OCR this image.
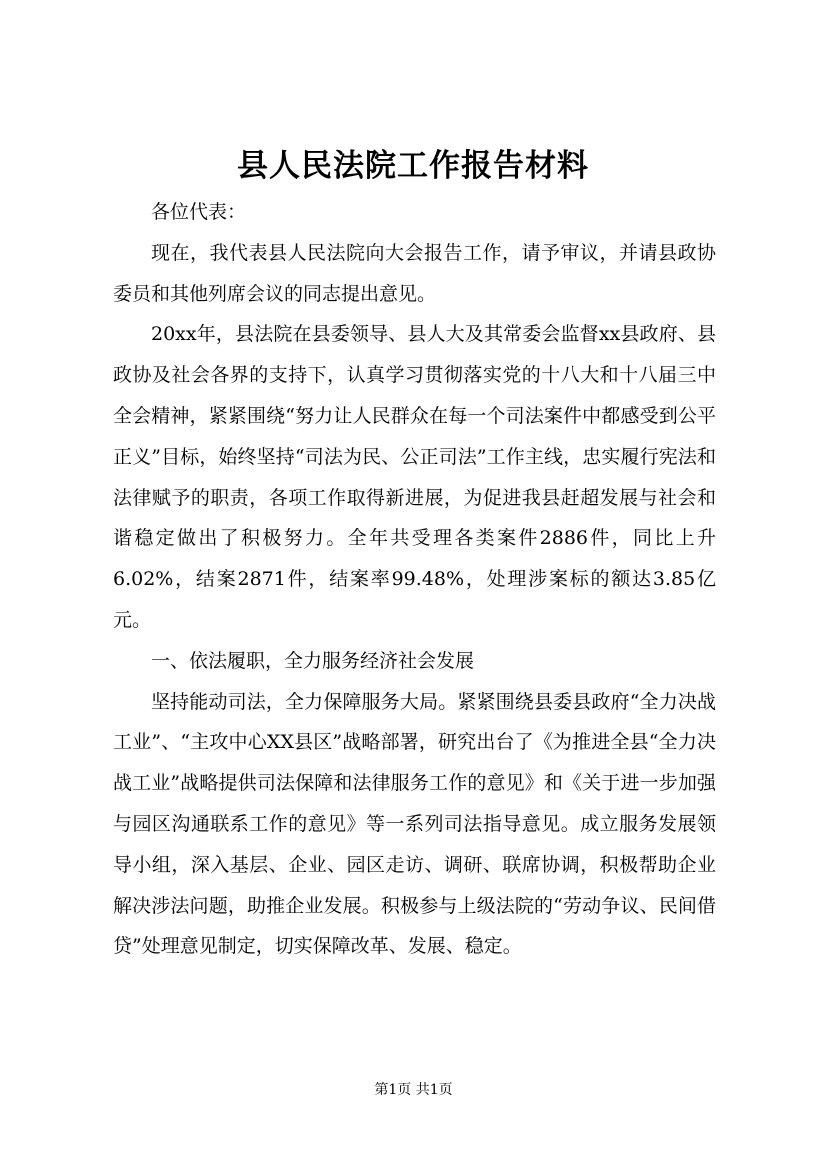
县人民法院工作报告材料

各位代表：

现在，我代表县人民法院向大会报告工作，请予审议，并请县政协委员和其他列席会议的同志提出意见。

20xx年，县法院在县委领导、县人大及其常委会监督xx县政府、县政协及社会各界的支持下，认真学习贯彻落实党的十八大和十八届三中全会精神，紧紧围绕“努力让人民群众在每一个司法案件中都感受到公平正义”目标，始终坚持“司法为民、公正司法”工作主线，忠实履行宪法和法律赋予的职责，各项工作取得新进展，为促进我县赶超发展与社会和谐稳定做出了积极努力。全年共受理各类案件2886件，同比上升6.02%，结案2871件，结案率99.48%，处理涉案标的额达3.85亿元。

一、依法履职，全力服务经济社会发展

坚持能动司法，全力保障服务大局。紧紧围绕县委县政府“全力决战工业”、“主攻中心XX县区”战略部署，研究出台了《为推进全县“全力决战工业”战略提供司法保障和法律服务工作的意见》和《关于进一步加强与园区沟通联系工作的意见》等一系列司法指导意见。成立服务发展领导小组，深入基层、企业、园区走访、调研、联席协调，积极帮助企业解决涉法问题，助推企业发展。积极参与上级法院的“劳动争议、民间借贷”处理意见制定，切实保障改革、发展、稳定。

第1页 共1页
